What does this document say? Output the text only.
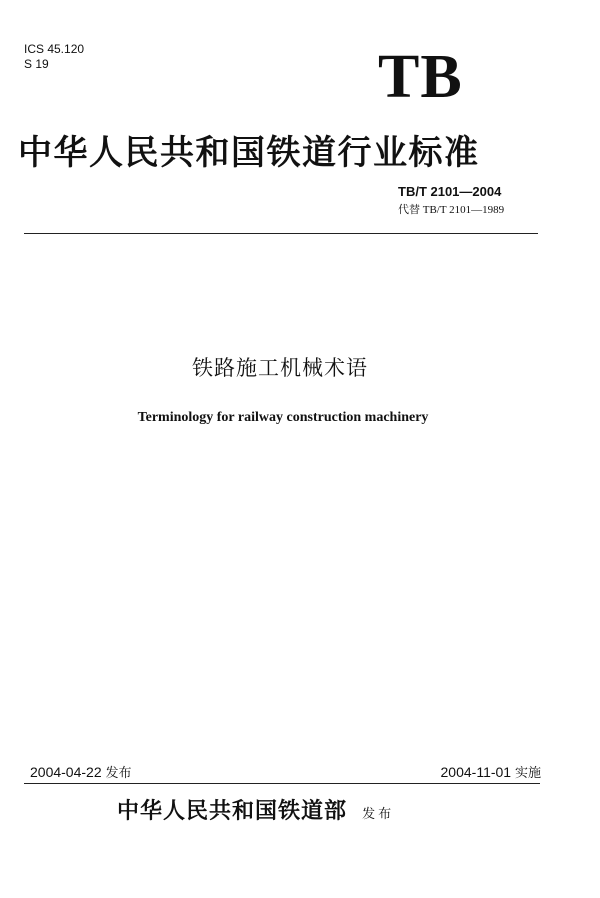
ICS 45.120
S 19	TB
中华人民共和国铁道行业标准
TB/T 2101—2004
代替 TB/T 2101—1989
铁路施工机械术语
Terminology for railway construction machinery
2004-04-22 发布	2004-11-01 实施
中华人民共和国铁道部 发布
